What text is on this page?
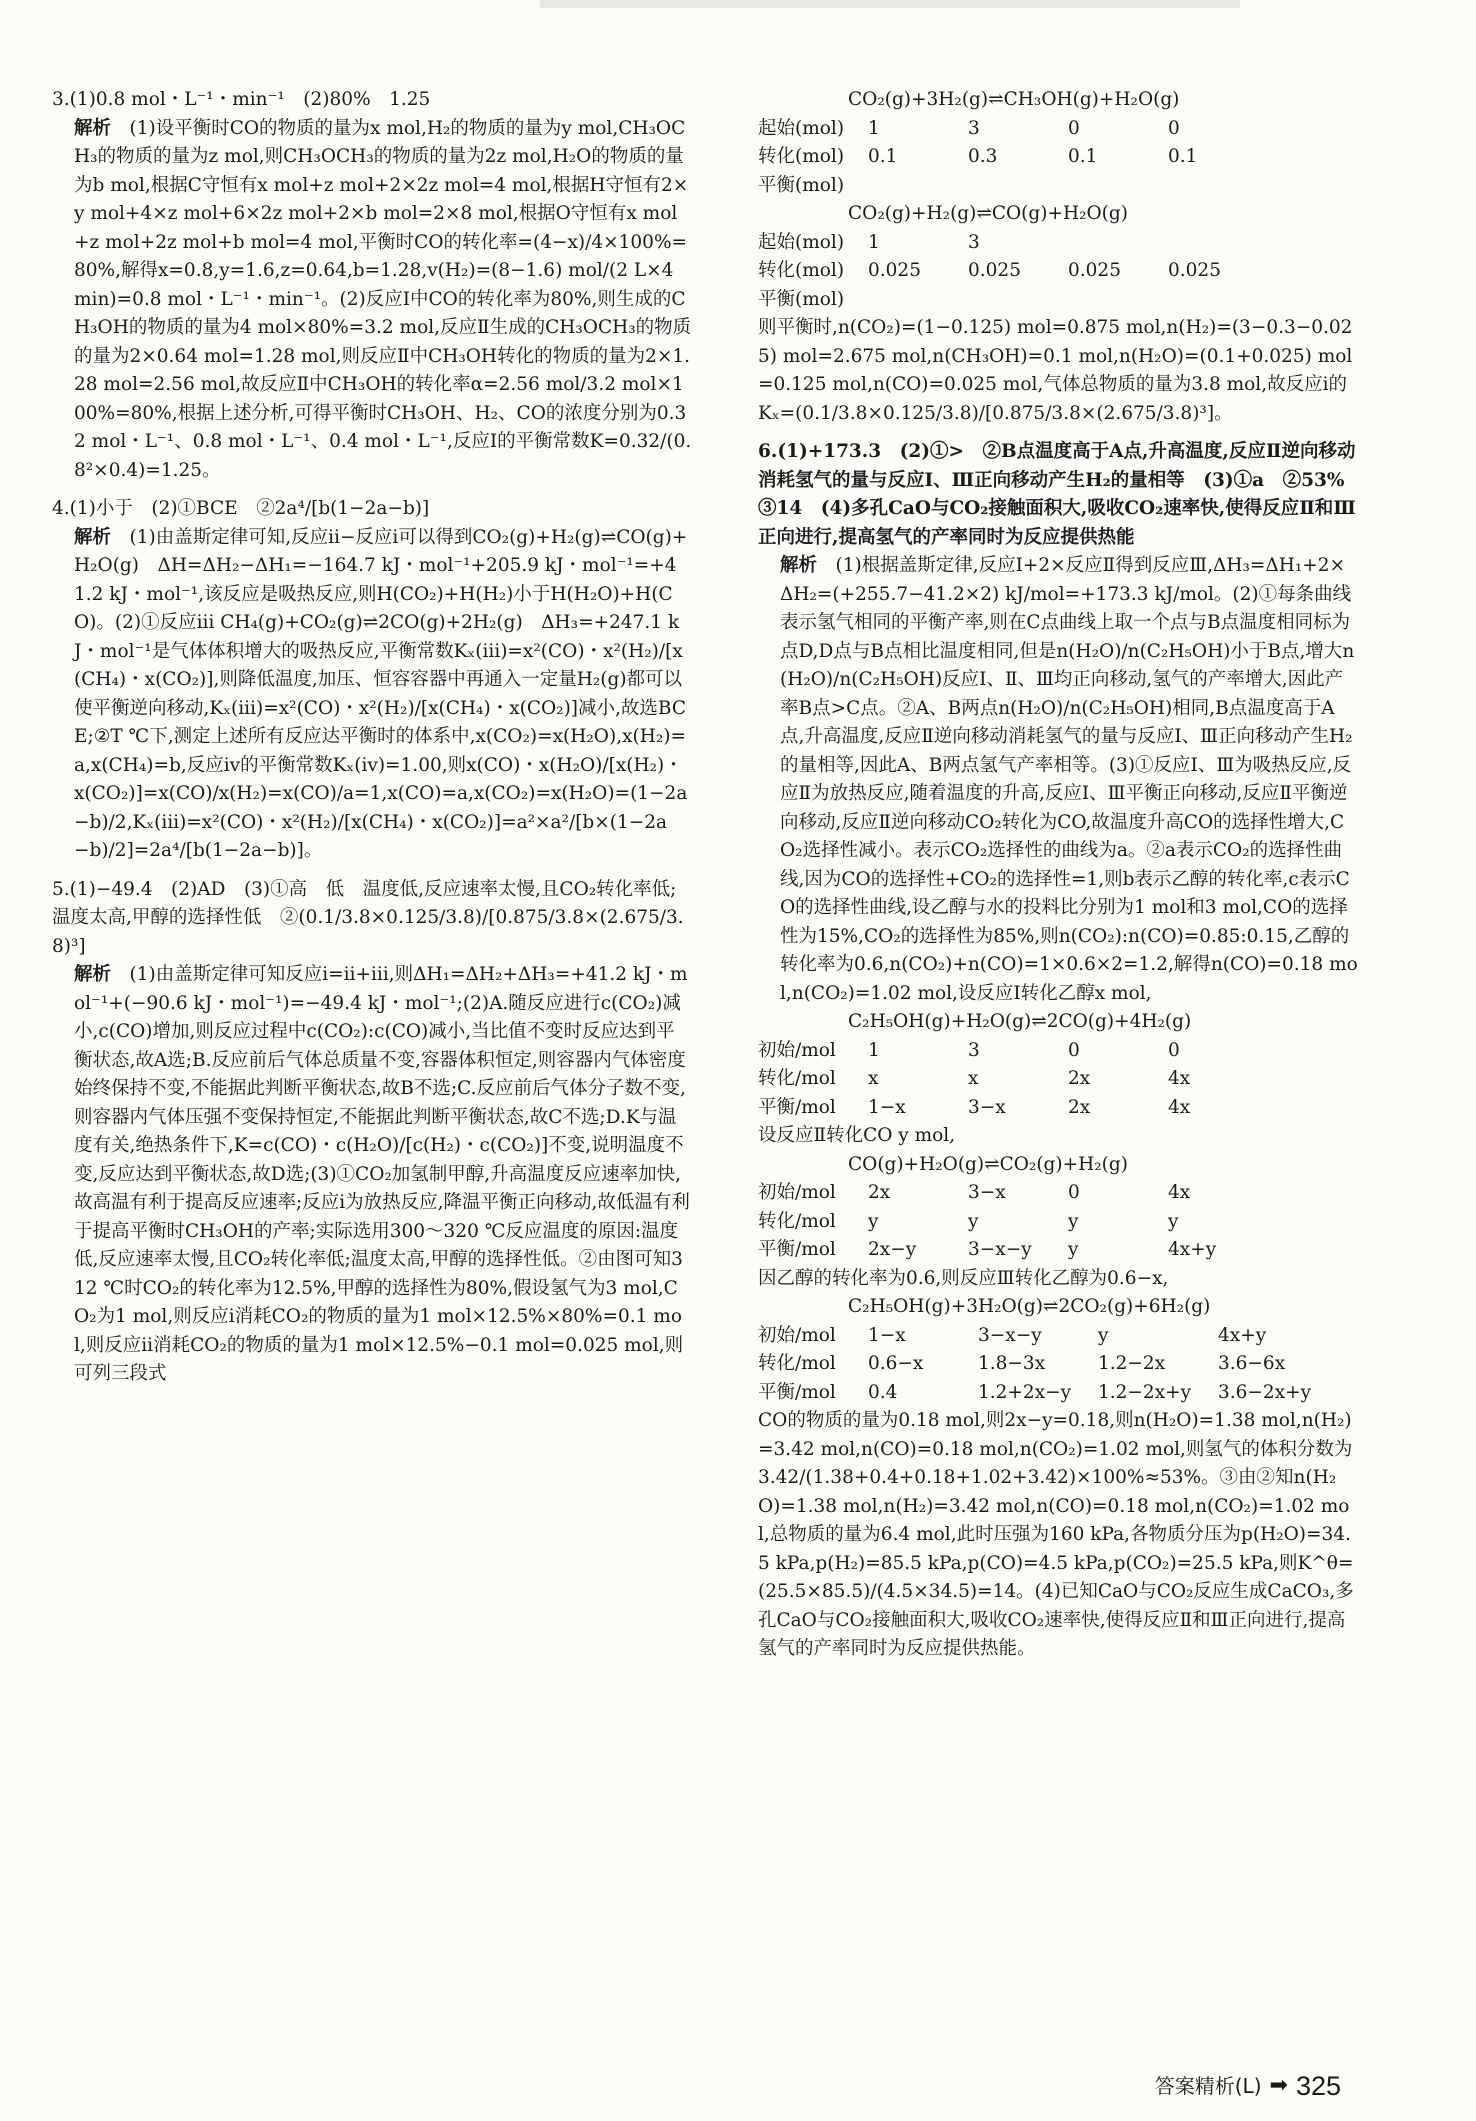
3.(1)0.8 mol・L⁻¹・min⁻¹　(2)80%　1.25

解析　(1)设平衡时CO的物质的量为x mol,H₂的物质的量为y mol,CH₃OCH₃的物质的量为z mol,则CH₃OCH₃的物质的量为2z mol,H₂O的物质的量为b mol,根据C守恒有x mol+z mol+2×2z mol=4 mol,根据H守恒有2×y mol+4×z mol+6×2z mol+2×b mol=2×8 mol,根据O守恒有x mol+z mol+2z mol+b mol=4 mol,平衡时CO的转化率=(4−x)/4×100%=80%,解得x=0.8,y=1.6,z=0.64,b=1.28,v(H₂)=(8−1.6) mol/(2 L×4 min)=0.8 mol・L⁻¹・min⁻¹。(2)反应Ⅰ中CO的转化率为80%,则生成的CH₃OH的物质的量为4 mol×80%=3.2 mol,反应Ⅱ生成的CH₃OCH₃的物质的量为2×0.64 mol=1.28 mol,则反应Ⅱ中CH₃OH转化的物质的量为2×1.28 mol=2.56 mol,故反应Ⅱ中CH₃OH的转化率α=2.56 mol/3.2 mol×100%=80%,根据上述分析,可得平衡时CH₃OH、H₂、CO的浓度分别为0.32 mol・L⁻¹、0.8 mol・L⁻¹、0.4 mol・L⁻¹,反应Ⅰ的平衡常数K=0.32/(0.8²×0.4)=1.25。

4.(1)小于　(2)①BCE　②2a⁴/[b(1−2a−b)]

解析　(1)由盖斯定律可知,反应ⅱ−反应ⅰ可以得到CO₂(g)+H₂(g)⇌CO(g)+H₂O(g)　ΔH=ΔH₂−ΔH₁=−164.7 kJ・mol⁻¹+205.9 kJ・mol⁻¹=+41.2 kJ・mol⁻¹,该反应是吸热反应,则H(CO₂)+H(H₂)小于H(H₂O)+H(CO)。(2)①反应ⅲ CH₄(g)+CO₂(g)⇌2CO(g)+2H₂(g)　ΔH₃=+247.1 kJ・mol⁻¹是气体体积增大的吸热反应,平衡常数Kₓ(ⅲ)=x²(CO)・x²(H₂)/[x(CH₄)・x(CO₂)],则降低温度,加压、恒容容器中再通入一定量H₂(g)都可以使平衡逆向移动,Kₓ(ⅲ)=x²(CO)・x²(H₂)/[x(CH₄)・x(CO₂)]减小,故选BCE;②T ℃下,测定上述所有反应达平衡时的体系中,x(CO₂)=x(H₂O),x(H₂)=a,x(CH₄)=b,反应ⅳ的平衡常数Kₓ(ⅳ)=1.00,则x(CO)・x(H₂O)/[x(H₂)・x(CO₂)]=x(CO)/x(H₂)=x(CO)/a=1,x(CO)=a,x(CO₂)=x(H₂O)=(1−2a−b)/2,Kₓ(ⅲ)=x²(CO)・x²(H₂)/[x(CH₄)・x(CO₂)]=a²×a²/[b×(1−2a−b)/2]=2a⁴/[b(1−2a−b)]。

5.(1)−49.4　(2)AD　(3)①高　低　温度低,反应速率太慢,且CO₂转化率低;温度太高,甲醇的选择性低　②(0.1/3.8×0.125/3.8)/[0.875/3.8×(2.675/3.8)³]

解析　(1)由盖斯定律可知反应ⅰ=ⅱ+ⅲ,则ΔH₁=ΔH₂+ΔH₃=+41.2 kJ・mol⁻¹+(−90.6 kJ・mol⁻¹)=−49.4 kJ・mol⁻¹;(2)A.随反应进行c(CO₂)减小,c(CO)增加,则反应过程中c(CO₂):c(CO)减小,当比值不变时反应达到平衡状态,故A选;B.反应前后气体总质量不变,容器体积恒定,则容器内气体密度始终保持不变,不能据此判断平衡状态,故B不选;C.反应前后气体分子数不变,则容器内气体压强不变保持恒定,不能据此判断平衡状态,故C不选;D.K与温度有关,绝热条件下,K=c(CO)・c(H₂O)/[c(H₂)・c(CO₂)]不变,说明温度不变,反应达到平衡状态,故D选;(3)①CO₂加氢制甲醇,升高温度反应速率加快,故高温有利于提高反应速率;反应ⅰ为放热反应,降温平衡正向移动,故低温有利于提高平衡时CH₃OH的产率;实际选用300～320 ℃反应温度的原因:温度低,反应速率太慢,且CO₂转化率低;温度太高,甲醇的选择性低。②由图可知312 ℃时CO₂的转化率为12.5%,甲醇的选择性为80%,假设氢气为3 mol,CO₂为1 mol,则反应ⅰ消耗CO₂的物质的量为1 mol×12.5%×80%=0.1 mol,则反应ⅱ消耗CO₂的物质的量为1 mol×12.5%−0.1 mol=0.025 mol,则可列三段式

CO₂(g)+3H₂(g)⇌CH₃OH(g)+H₂O(g)
起始(mol)	1	3	0	0
转化(mol)	0.1	0.3	0.1	0.1
平衡(mol)
CO₂(g)+H₂(g)⇌CO(g)+H₂O(g)
起始(mol)	1	3
转化(mol)	0.025	0.025	0.025	0.025
平衡(mol)

则平衡时,n(CO₂)=(1−0.125) mol=0.875 mol,n(H₂)=(3−0.3−0.025) mol=2.675 mol,n(CH₃OH)=0.1 mol,n(H₂O)=(0.1+0.025) mol=0.125 mol,n(CO)=0.025 mol,气体总物质的量为3.8 mol,故反应ⅰ的Kₓ=(0.1/3.8×0.125/3.8)/[0.875/3.8×(2.675/3.8)³]。

6.(1)+173.3　(2)①>　②B点温度高于A点,升高温度,反应Ⅱ逆向移动消耗氢气的量与反应Ⅰ、Ⅲ正向移动产生H₂的量相等　(3)①a　②53%　③14　(4)多孔CaO与CO₂接触面积大,吸收CO₂速率快,使得反应Ⅱ和Ⅲ正向进行,提高氢气的产率同时为反应提供热能

解析　(1)根据盖斯定律,反应Ⅰ+2×反应Ⅱ得到反应Ⅲ,ΔH₃=ΔH₁+2×ΔH₂=(+255.7−41.2×2) kJ/mol=+173.3 kJ/mol。(2)①每条曲线表示氢气相同的平衡产率,则在C点曲线上取一个点与B点温度相同标为点D,D点与B点相比温度相同,但是n(H₂O)/n(C₂H₅OH)小于B点,增大n(H₂O)/n(C₂H₅OH)反应Ⅰ、Ⅱ、Ⅲ均正向移动,氢气的产率增大,因此产率B点>C点。②A、B两点n(H₂O)/n(C₂H₅OH)相同,B点温度高于A点,升高温度,反应Ⅱ逆向移动消耗氢气的量与反应Ⅰ、Ⅲ正向移动产生H₂的量相等,因此A、B两点氢气产率相等。(3)①反应Ⅰ、Ⅲ为吸热反应,反应Ⅱ为放热反应,随着温度的升高,反应Ⅰ、Ⅲ平衡正向移动,反应Ⅱ平衡逆向移动,反应Ⅱ逆向移动CO₂转化为CO,故温度升高CO的选择性增大,CO₂选择性减小。表示CO₂选择性的曲线为a。②a表示CO₂的选择性曲线,因为CO的选择性+CO₂的选择性=1,则b表示乙醇的转化率,c表示CO的选择性曲线,设乙醇与水的投料比分别为1 mol和3 mol,CO的选择性为15%,CO₂的选择性为85%,则n(CO₂):n(CO)=0.85:0.15,乙醇的转化率为0.6,n(CO₂)+n(CO)=1×0.6×2=1.2,解得n(CO)=0.18 mol,n(CO₂)=1.02 mol,设反应Ⅰ转化乙醇x mol,

C₂H₅OH(g)+H₂O(g)⇌2CO(g)+4H₂(g)
初始/mol	1	3	0	0
转化/mol	x	x	2x	4x
平衡/mol	1−x	3−x	2x	4x

设反应Ⅱ转化CO y mol,

CO(g)+H₂O(g)⇌CO₂(g)+H₂(g)
初始/mol	2x	3−x	0	4x
转化/mol	y	y	y	y
平衡/mol	2x−y	3−x−y	y	4x+y

因乙醇的转化率为0.6,则反应Ⅲ转化乙醇为0.6−x,

C₂H₅OH(g)+3H₂O(g)⇌2CO₂(g)+6H₂(g)
初始/mol	1−x	3−x−y	y	4x+y
转化/mol	0.6−x	1.8−3x	1.2−2x	3.6−6x
平衡/mol	0.4	1.2+2x−y	1.2−2x+y	3.6−2x+y

CO的物质的量为0.18 mol,则2x−y=0.18,则n(H₂O)=1.38 mol,n(H₂)=3.42 mol,n(CO)=0.18 mol,n(CO₂)=1.02 mol,则氢气的体积分数为3.42/(1.38+0.4+0.18+1.02+3.42)×100%≈53%。③由②知n(H₂O)=1.38 mol,n(H₂)=3.42 mol,n(CO)=0.18 mol,n(CO₂)=1.02 mol,总物质的量为6.4 mol,此时压强为160 kPa,各物质分压为p(H₂O)=34.5 kPa,p(H₂)=85.5 kPa,p(CO)=4.5 kPa,p(CO₂)=25.5 kPa,则K^θ=(25.5×85.5)/(4.5×34.5)=14。(4)已知CaO与CO₂反应生成CaCO₃,多孔CaO与CO₂接触面积大,吸收CO₂速率快,使得反应Ⅱ和Ⅲ正向进行,提高氢气的产率同时为反应提供热能。

答案精析(L) ➡ 325
